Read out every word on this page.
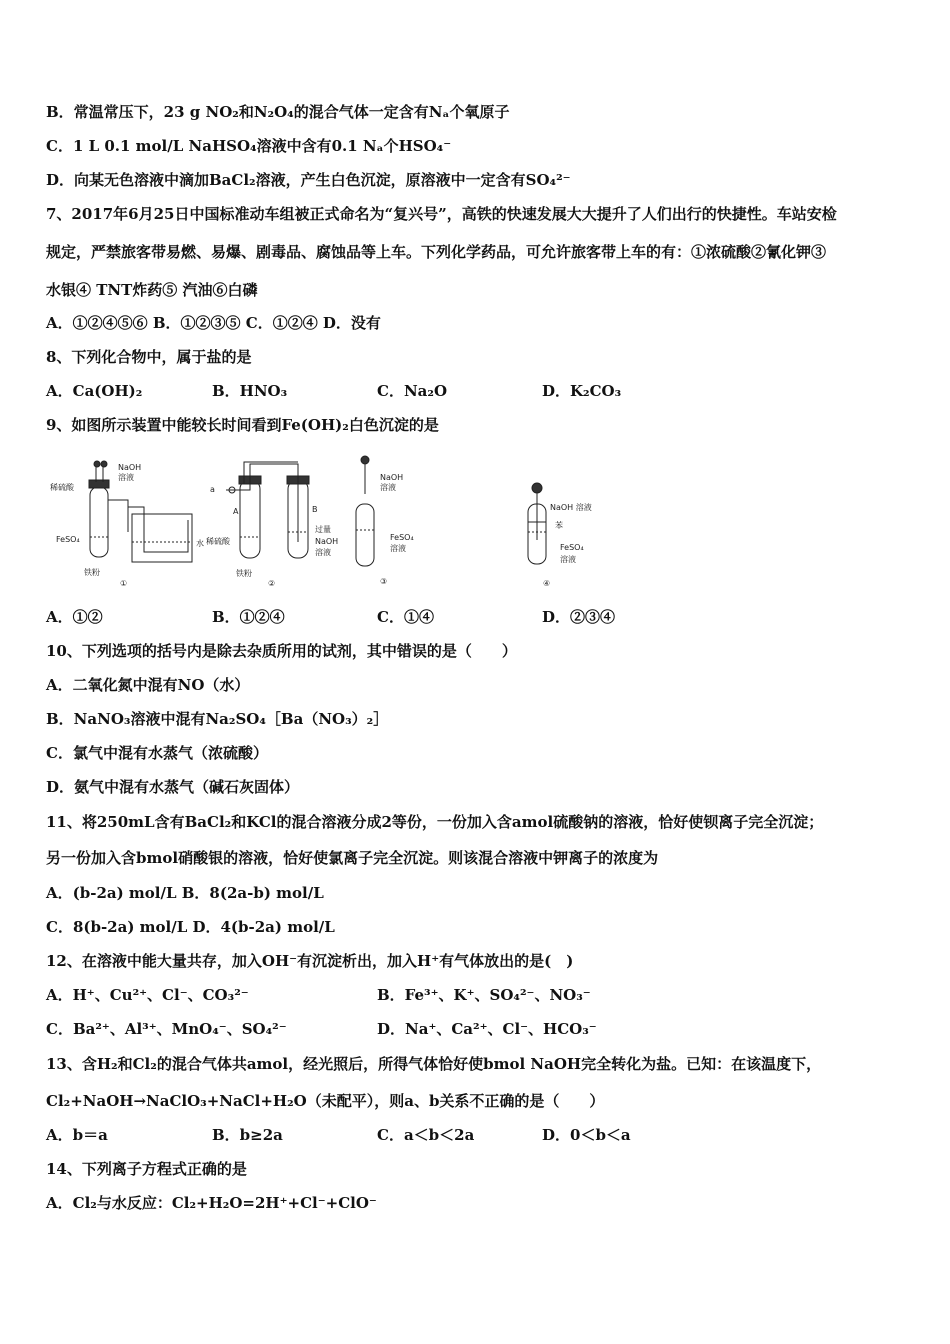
B．常温常压下，23 g NO₂和N₂O₄的混合气体一定含有Nₐ个氧原子
C．1 L 0.1 mol/L NaHSO₄溶液中含有0.1 Nₐ个HSO₄⁻
D．向某无色溶液中滴加BaCl₂溶液，产生白色沉淀，原溶液中一定含有SO₄²⁻
7、2017年6月25日中国标准动车组被正式命名为“复兴号”，高铁的快速发展大大提升了人们出行的快捷性。车站安检
规定，严禁旅客带易燃、易爆、剧毒品、腐蚀品等上车。下列化学药品，可允许旅客带上车的有：①浓硫酸②氰化钾③
水银④ TNT炸药⑤ 汽油⑥白磷
A．①②④⑤⑥ B．①②③⑤ C．①②④ D．没有
8、下列化合物中，属于盐的是
A．Ca(OH)₂	B．HNO₃	C．Na₂O	D．K₂CO₃
9、如图所示装置中能较长时间看到Fe(OH)₂白色沉淀的是
稀硫酸
NaOH
溶液
FeSO₄	水
铁粉
①
a
A	B
稀硫酸
过量
NaOH
溶液
铁粉
②
NaOH
溶液
FeSO₄
溶液
③
NaOH 溶液
苯
FeSO₄
溶液
④
A．①②	B．①②④	C．①④	D．②③④
10、下列选项的括号内是除去杂质所用的试剂，其中错误的是（　　）
A．二氧化氮中混有NO（水）
B．NaNO₃溶液中混有Na₂SO₄［Ba（NO₃）₂］
C．氯气中混有水蒸气（浓硫酸）
D．氨气中混有水蒸气（碱石灰固体）
11、将250mL含有BaCl₂和KCl的混合溶液分成2等份，一份加入含amol硫酸钠的溶液，恰好使钡离子完全沉淀；
另一份加入含bmol硝酸银的溶液，恰好使氯离子完全沉淀。则该混合溶液中钾离子的浓度为
A．(b-2a) mol/L B．8(2a-b) mol/L
C．8(b-2a) mol/L D．4(b-2a) mol/L
12、在溶液中能大量共存，加入OH⁻有沉淀析出，加入H⁺有气体放出的是(　)
A．H⁺、Cu²⁺、Cl⁻、CO₃²⁻	B．Fe³⁺、K⁺、SO₄²⁻、NO₃⁻
C．Ba²⁺、Al³⁺、MnO₄⁻、SO₄²⁻	D．Na⁺、Ca²⁺、Cl⁻、HCO₃⁻
13、含H₂和Cl₂的混合气体共amol，经光照后，所得气体恰好使bmol NaOH完全转化为盐。已知：在该温度下，
Cl₂+NaOH→NaClO₃+NaCl+H₂O（未配平），则a、b关系不正确的是（　　）
A．b＝a	B．b≥2a	C．a＜b＜2a	D．0＜b＜a
14、下列离子方程式正确的是
A．Cl₂与水反应：Cl₂+H₂O=2H⁺+Cl⁻+ClO⁻
